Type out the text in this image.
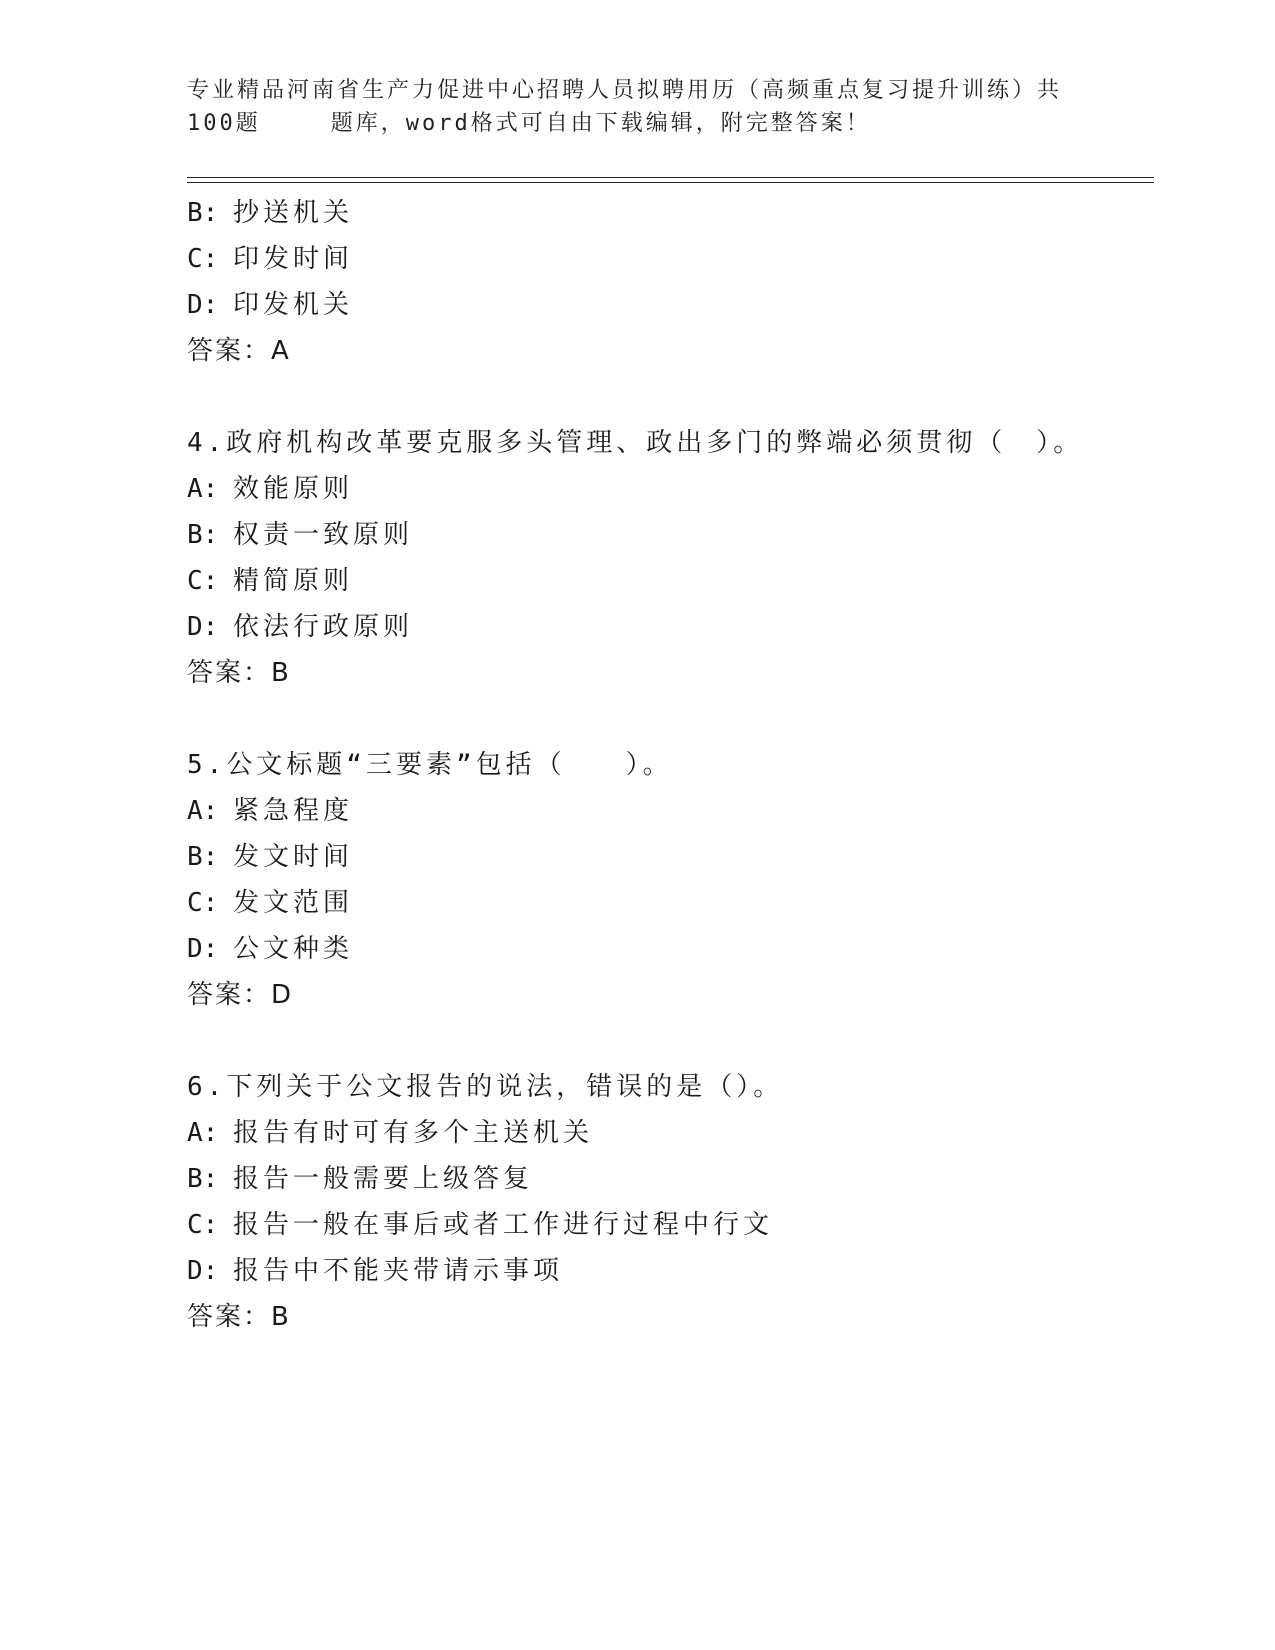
专业精品河南省生产力促进中心招聘人员拟聘用历（高频重点复习提升训练）共
100题	题库，word格式可自由下载编辑，附完整答案！
B: 抄送机关
C: 印发时间
D: 印发机关
答案：A
4.政府机构改革要克服多头管理、政出多门的弊端必须贯彻（　）。
A: 效能原则
B: 权责一致原则
C: 精简原则
D: 依法行政原则
答案：B
5.公文标题“三要素”包括（　　）。
A: 紧急程度
B: 发文时间
C: 发文范围
D: 公文种类
答案：D
6.下列关于公文报告的说法，错误的是（）。
A: 报告有时可有多个主送机关
B: 报告一般需要上级答复
C: 报告一般在事后或者工作进行过程中行文
D: 报告中不能夹带请示事项
答案：B
